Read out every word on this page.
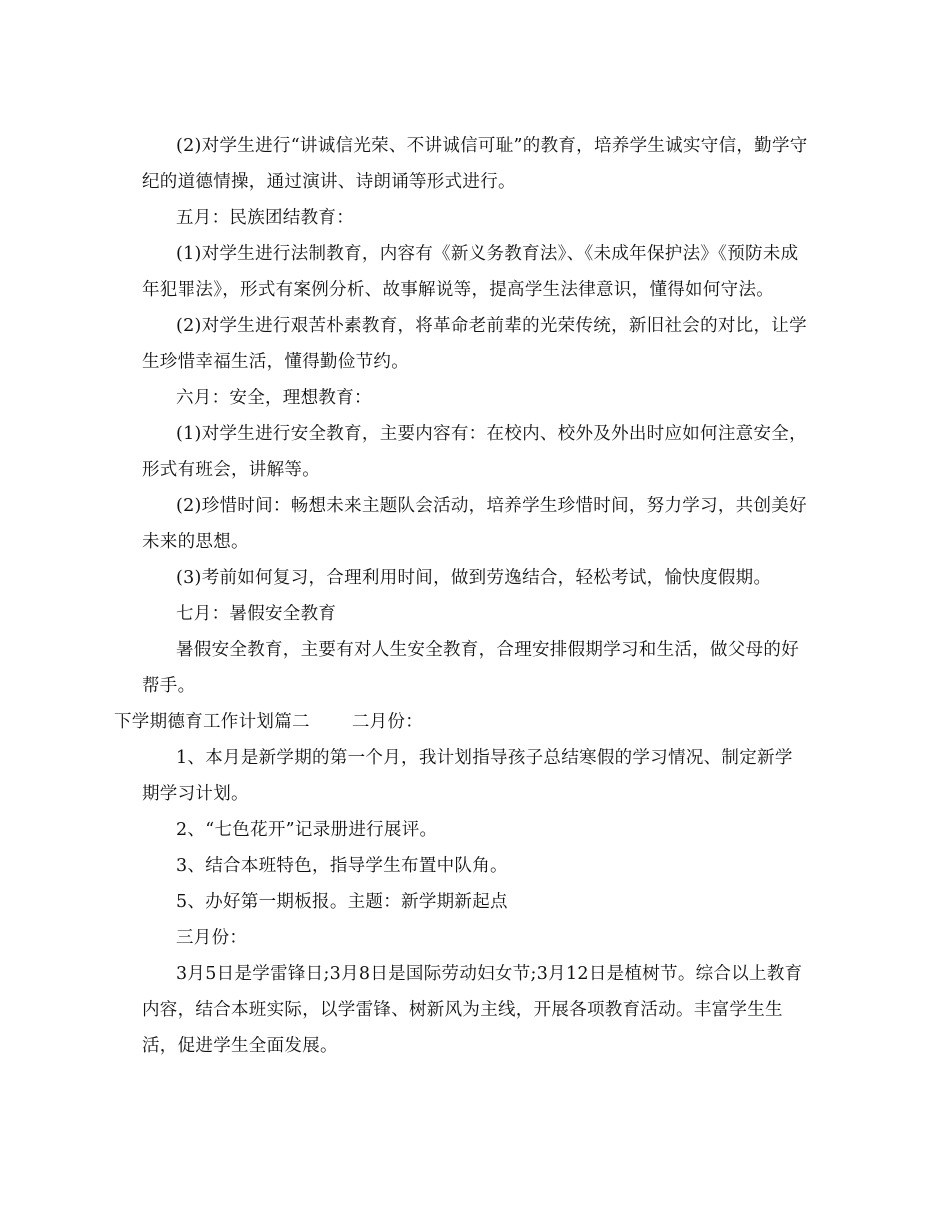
(2)对学生进行“讲诚信光荣、不讲诚信可耻”的教育，培养学生诚实守信，勤学守纪的道德情操，通过演讲、诗朗诵等形式进行。

五月：民族团结教育：

(1)对学生进行法制教育，内容有《新义务教育法》、《未成年保护法》《预防未成年犯罪法》，形式有案例分析、故事解说等，提高学生法律意识，懂得如何守法。

(2)对学生进行艰苦朴素教育，将革命老前辈的光荣传统，新旧社会的对比，让学生珍惜幸福生活，懂得勤俭节约。

六月：安全，理想教育：

(1)对学生进行安全教育，主要内容有：在校内、校外及外出时应如何注意安全，形式有班会，讲解等。

(2)珍惜时间：畅想未来主题队会活动，培养学生珍惜时间，努力学习，共创美好未来的思想。

(3)考前如何复习，合理利用时间，做到劳逸结合，轻松考试，愉快度假期。

七月：暑假安全教育

暑假安全教育，主要有对人生安全教育，合理安排假期学习和生活，做父母的好帮手。

下学期德育工作计划篇二 二月份：

1、本月是新学期的第一个月，我计划指导孩子总结寒假的学习情况、制定新学期学习计划。

2、“七色花开”记录册进行展评。

3、结合本班特色，指导学生布置中队角。

5、办好第一期板报。主题：新学期新起点

三月份：

3月5日是学雷锋日;3月8日是国际劳动妇女节;3月12日是植树节。综合以上教育内容，结合本班实际，以学雷锋、树新风为主线，开展各项教育活动。丰富学生生活，促进学生全面发展。
